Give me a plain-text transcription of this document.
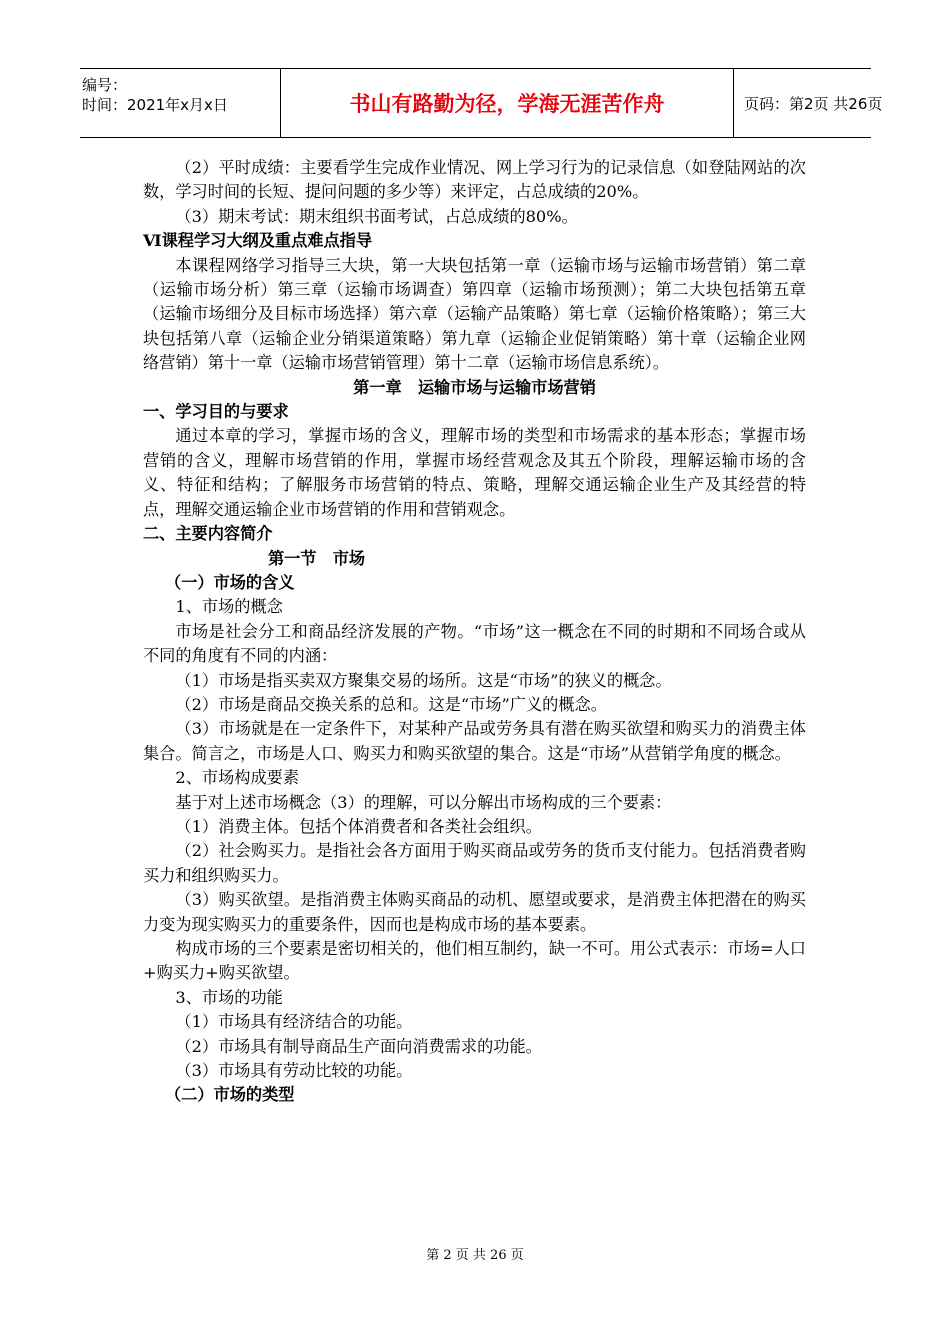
编号：
时间：2021年x月x日	书山有路勤为径，学海无涯苦作舟	页码：第2页 共26页

（2）平时成绩：主要看学生完成作业情况、网上学习行为的记录信息（如登陆网站的次数，学习时间的长短、提问问题的多少等）来评定，占总成绩的20%。

（3）期末考试：期末组织书面考试，占总成绩的80%。

Ⅵ课程学习大纲及重点难点指导

本课程网络学习指导三大块，第一大块包括第一章（运输市场与运输市场营销）第二章（运输市场分析）第三章（运输市场调查）第四章（运输市场预测）；第二大块包括第五章（运输市场细分及目标市场选择）第六章（运输产品策略）第七章（运输价格策略）；第三大块包括第八章（运输企业分销渠道策略）第九章（运输企业促销策略）第十章（运输企业网络营销）第十一章（运输市场营销管理）第十二章（运输市场信息系统）。

第一章　运输市场与运输市场营销

一、学习目的与要求

通过本章的学习，掌握市场的含义，理解市场的类型和市场需求的基本形态；掌握市场营销的含义，理解市场营销的作用，掌握市场经营观念及其五个阶段，理解运输市场的含义、特征和结构；了解服务市场营销的特点、策略，理解交通运输企业生产及其经营的特点，理解交通运输企业市场营销的作用和营销观念。

二、主要内容简介

第一节　市场

（一）市场的含义

1、市场的概念

市场是社会分工和商品经济发展的产物。“市场”这一概念在不同的时期和不同场合或从不同的角度有不同的内涵：

（1）市场是指买卖双方聚集交易的场所。这是“市场”的狭义的概念。

（2）市场是商品交换关系的总和。这是“市场”广义的概念。

（3）市场就是在一定条件下，对某种产品或劳务具有潜在购买欲望和购买力的消费主体集合。简言之，市场是人口、购买力和购买欲望的集合。这是“市场”从营销学角度的概念。

2、市场构成要素

基于对上述市场概念（3）的理解，可以分解出市场构成的三个要素：

（1）消费主体。包括个体消费者和各类社会组织。

（2）社会购买力。是指社会各方面用于购买商品或劳务的货币支付能力。包括消费者购买力和组织购买力。

（3）购买欲望。是指消费主体购买商品的动机、愿望或要求，是消费主体把潜在的购买力变为现实购买力的重要条件，因而也是构成市场的基本要素。

构成市场的三个要素是密切相关的，他们相互制约，缺一不可。用公式表示：市场=人口+购买力+购买欲望。

3、市场的功能

（1）市场具有经济结合的功能。

（2）市场具有制导商品生产面向消费需求的功能。

（3）市场具有劳动比较的功能。

（二）市场的类型

第 2 页 共 26 页
